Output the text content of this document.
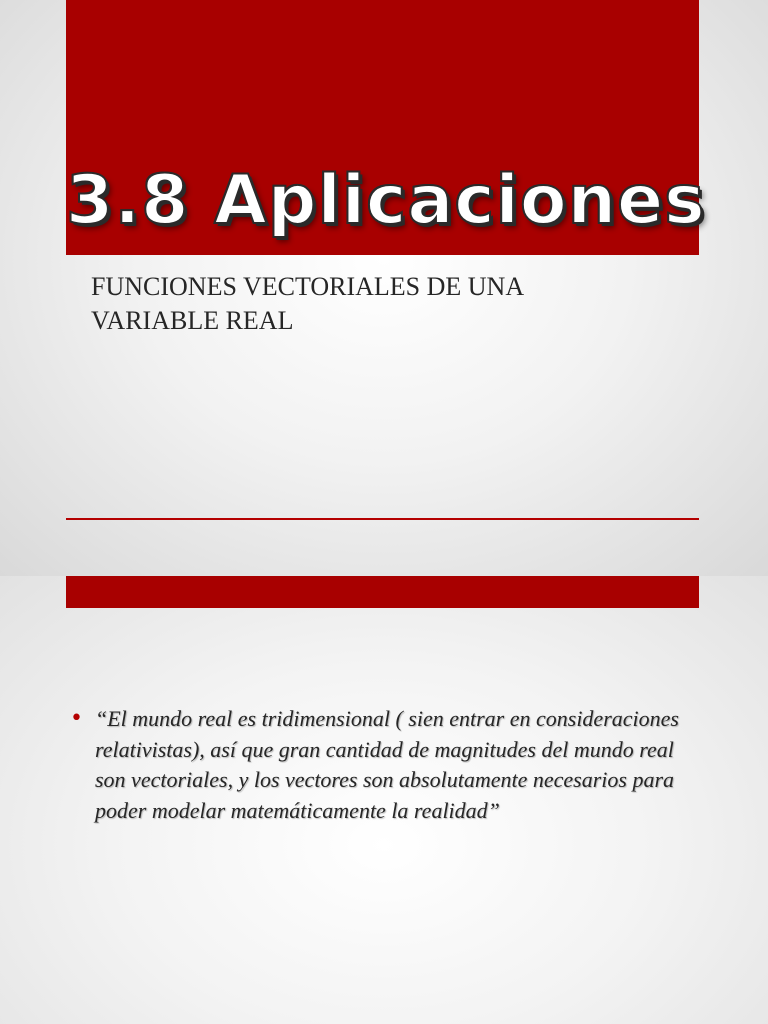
3.8 Aplicaciones
FUNCIONES VECTORIALES DE UNA VARIABLE REAL
• “El mundo real es tridimensional ( sien entrar en consideraciones relativistas), así que gran cantidad de magnitudes del mundo real son vectoriales, y los vectores son absolutamente necesarios para poder modelar matemáticamente la realidad”
